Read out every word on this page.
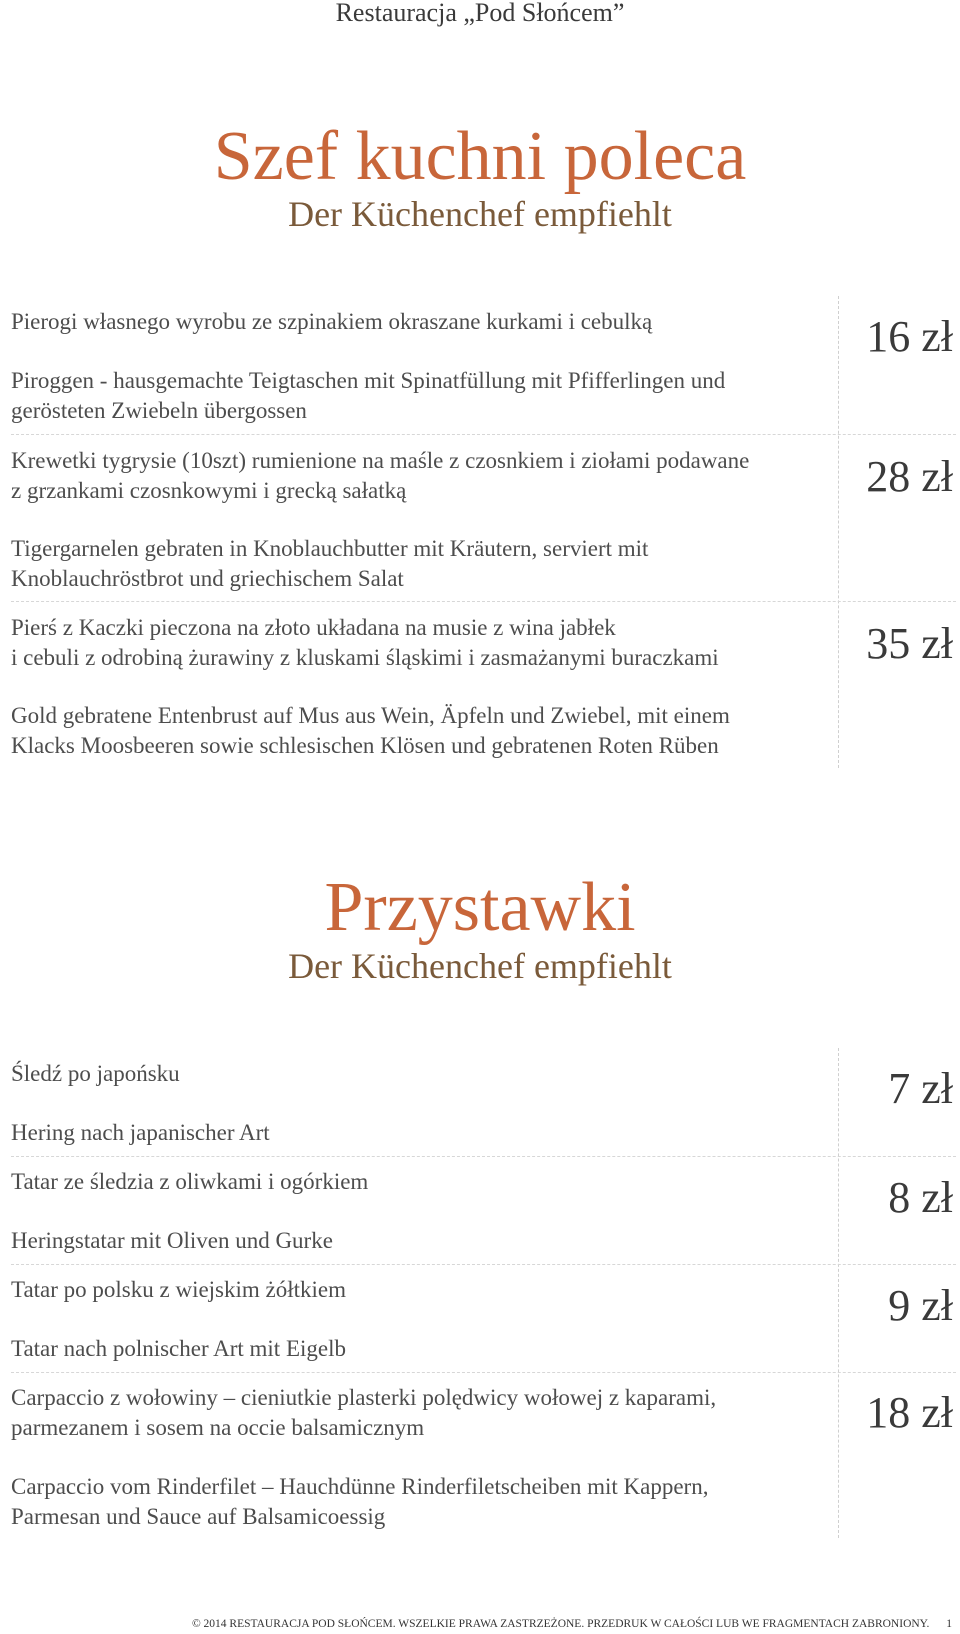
Restauracja „Pod Słońcem”
Szef kuchni poleca
Der Küchenchef empfiehlt
Pierogi własnego wyrobu ze szpinakiem okraszane kurkami i cebulką
Piroggen - hausgemachte Teigtaschen mit Spinatfüllung mit Pfifferlingen und
gerösteten Zwiebeln übergossen
16 zł
Krewetki tygrysie (10szt) rumienione na maśle z czosnkiem i ziołami podawane
z grzankami czosnkowymi i grecką sałatką
Tigergarnelen gebraten in Knoblauchbutter mit Kräutern, serviert mit
Knoblauchröstbrot und griechischem Salat
28 zł
Pierś z Kaczki pieczona na złoto układana na musie z wina jabłek
i cebuli z odrobiną żurawiny z kluskami śląskimi i zasmażanymi buraczkami
Gold gebratene Entenbrust auf Mus aus Wein, Äpfeln und Zwiebel, mit einem
Klacks Moosbeeren sowie schlesischen Klösen und gebratenen Roten Rüben
35 zł
Przystawki
Der Küchenchef empfiehlt
Śledź po japońsku
Hering nach japanischer Art
7 zł
Tatar ze śledzia z oliwkami i ogórkiem
Heringstatar mit Oliven und Gurke
8 zł
Tatar po polsku z wiejskim żółtkiem
Tatar nach polnischer Art mit Eigelb
9 zł
Carpaccio z wołowiny – cieniutkie plasterki polędwicy wołowej z kaparami,
parmezanem i sosem na occie balsamicznym
Carpaccio vom Rinderfilet – Hauchdünne Rinderfiletscheiben mit Kappern,
Parmesan und Sauce auf Balsamicoessig
18 zł
© 2014 RESTAURACJA POD SŁOŃCEM. WSZELKIE PRAWA ZASTRZEŻONE. PRZEDRUK W CAŁOŚCI LUB WE FRAGMENTACH ZABRONIONY. 1
